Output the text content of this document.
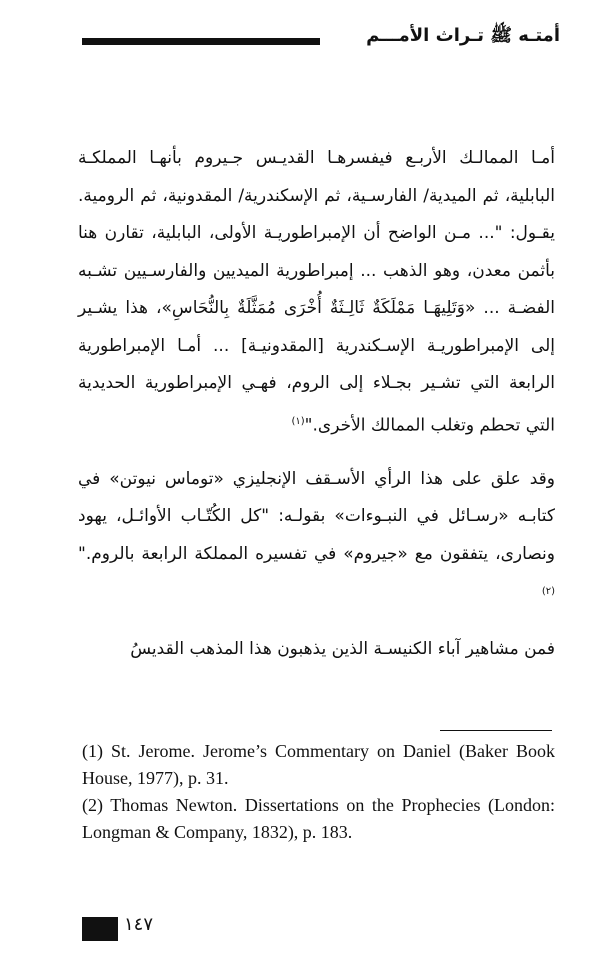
أمتـه ﷺ تـراث الأمـــم

أمـا الممالـك الأربـع فيفسرهـا القديـس جـيروم بأنهـا المملكـة البابلية، ثم الميدية/ الفارسـية، ثم الإسكندرية/ المقدونية، ثم الرومية. يقـول: "... مـن الواضح أن الإمبراطوريـة الأولى، البابلية، تقارن هنا بأثمن معدن، وهو الذهب ... إمبراطورية الميديين والفارسـيين تشـبه الفضـة ... «وَتَلِيهَـا مَمْلَكَةٌ ثَالِـثَةٌ أُخْرَى مُمَثَّلَةٌ بِالنُّحَاسِ»، هذا يشـير إلى الإمبراطوريـة الإسـكندرية [المقدونيـة] ... أمـا الإمبراطورية الرابعة التي تشـير بجـلاء إلى الروم، فهـي الإمبراطورية الحديدية التي تحطم وتغلب الممالك الأخرى."$^{(١)}$

وقد علق على هذا الرأي الأسـقف الإنجليزي «توماس نيوتن» في كتابـه «رسـائل في النبـوءات» بقولـه: "كل الكُتّـاب الأوائـل، يهود ونصارى، يتفقون مع «جيروم» في تفسيره المملكة الرابعة بالروم."$^{(٢)}$

فمن مشاهير آباء الكنيسـة الذين يذهبون هذا المذهب القديسُ

(1) St. Jerome. Jerome’s Commentary on Daniel (Baker Book House, 1977), p. 31.

(2) Thomas Newton. Dissertations on the Prophecies (London: Longman & Company, 1832), p. 183.

١٤٧
